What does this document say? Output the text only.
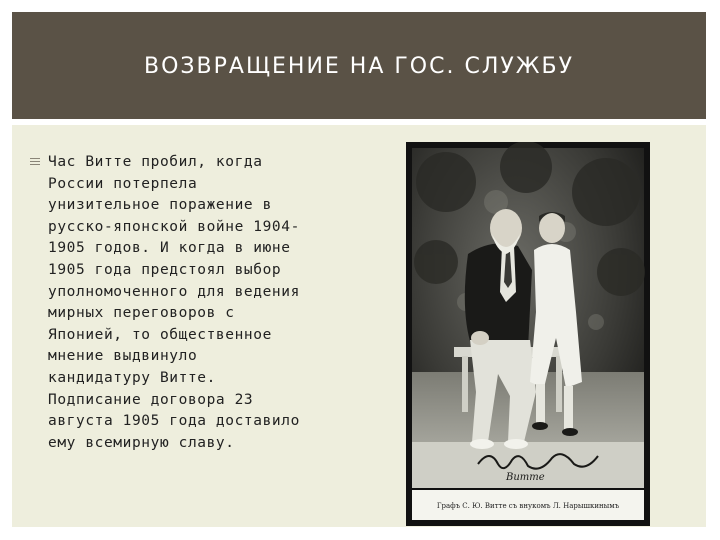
ВОЗВРАЩЕНИЕ НА ГОС. СЛУЖБУ
Час Витте пробил, когда
России потерпела
унизительное поражение в
русско-японской войне 1904-
1905 годов. И когда в июне
1905 года предстоял выбор
уполномоченного для ведения
мирных переговоров с
Японией, то общественное
мнение выдвинуло
кандидатуру Витте.
Подписание договора 23
августа 1905 года доставило
ему всемирную славу.
Витте
Графъ С. Ю. Витте съ внукомъ Л. Нарышкинымъ
